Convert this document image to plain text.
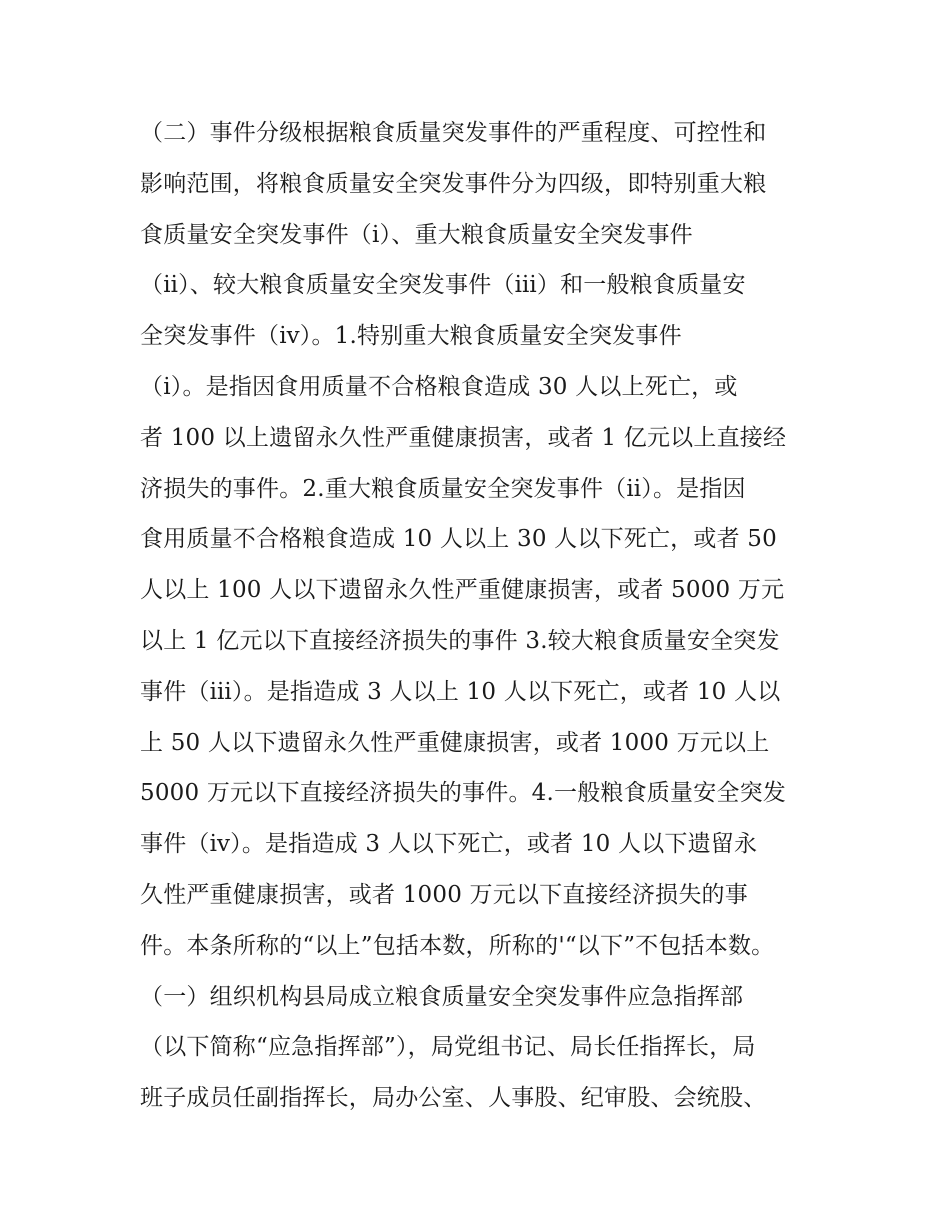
（二）事件分级根据粮食质量突发事件的严重程度、可控性和
影响范围，将粮食质量安全突发事件分为四级，即特别重大粮
食质量安全突发事件（ⅰ）、重大粮食质量安全突发事件
（ⅱ）、较大粮食质量安全突发事件（ⅲ）和一般粮食质量安
全突发事件（ⅳ）。1.特别重大粮食质量安全突发事件
（ⅰ）。是指因食用质量不合格粮食造成 30 人以上死亡，或
者 100 以上遗留永久性严重健康损害，或者 1 亿元以上直接经
济损失的事件。2.重大粮食质量安全突发事件（ⅱ）。是指因
食用质量不合格粮食造成 10 人以上 30 人以下死亡，或者 50
人以上 100 人以下遗留永久性严重健康损害，或者 5000 万元
以上 1 亿元以下直接经济损失的事件 3.较大粮食质量安全突发
事件（ⅲ）。是指造成 3 人以上 10 人以下死亡，或者 10 人以
上 50 人以下遗留永久性严重健康损害，或者 1000 万元以上
5000 万元以下直接经济损失的事件。4.一般粮食质量安全突发
事件（ⅳ）。是指造成 3 人以下死亡，或者 10 人以下遗留永
久性严重健康损害，或者 1000 万元以下直接经济损失的事
件。本条所称的“以上”包括本数，所称的'“以下”不包括本数。
（一）组织机构县局成立粮食质量安全突发事件应急指挥部
（以下简称“应急指挥部”），局党组书记、局长任指挥长，局
班子成员任副指挥长，局办公室、人事股、纪审股、会统股、
